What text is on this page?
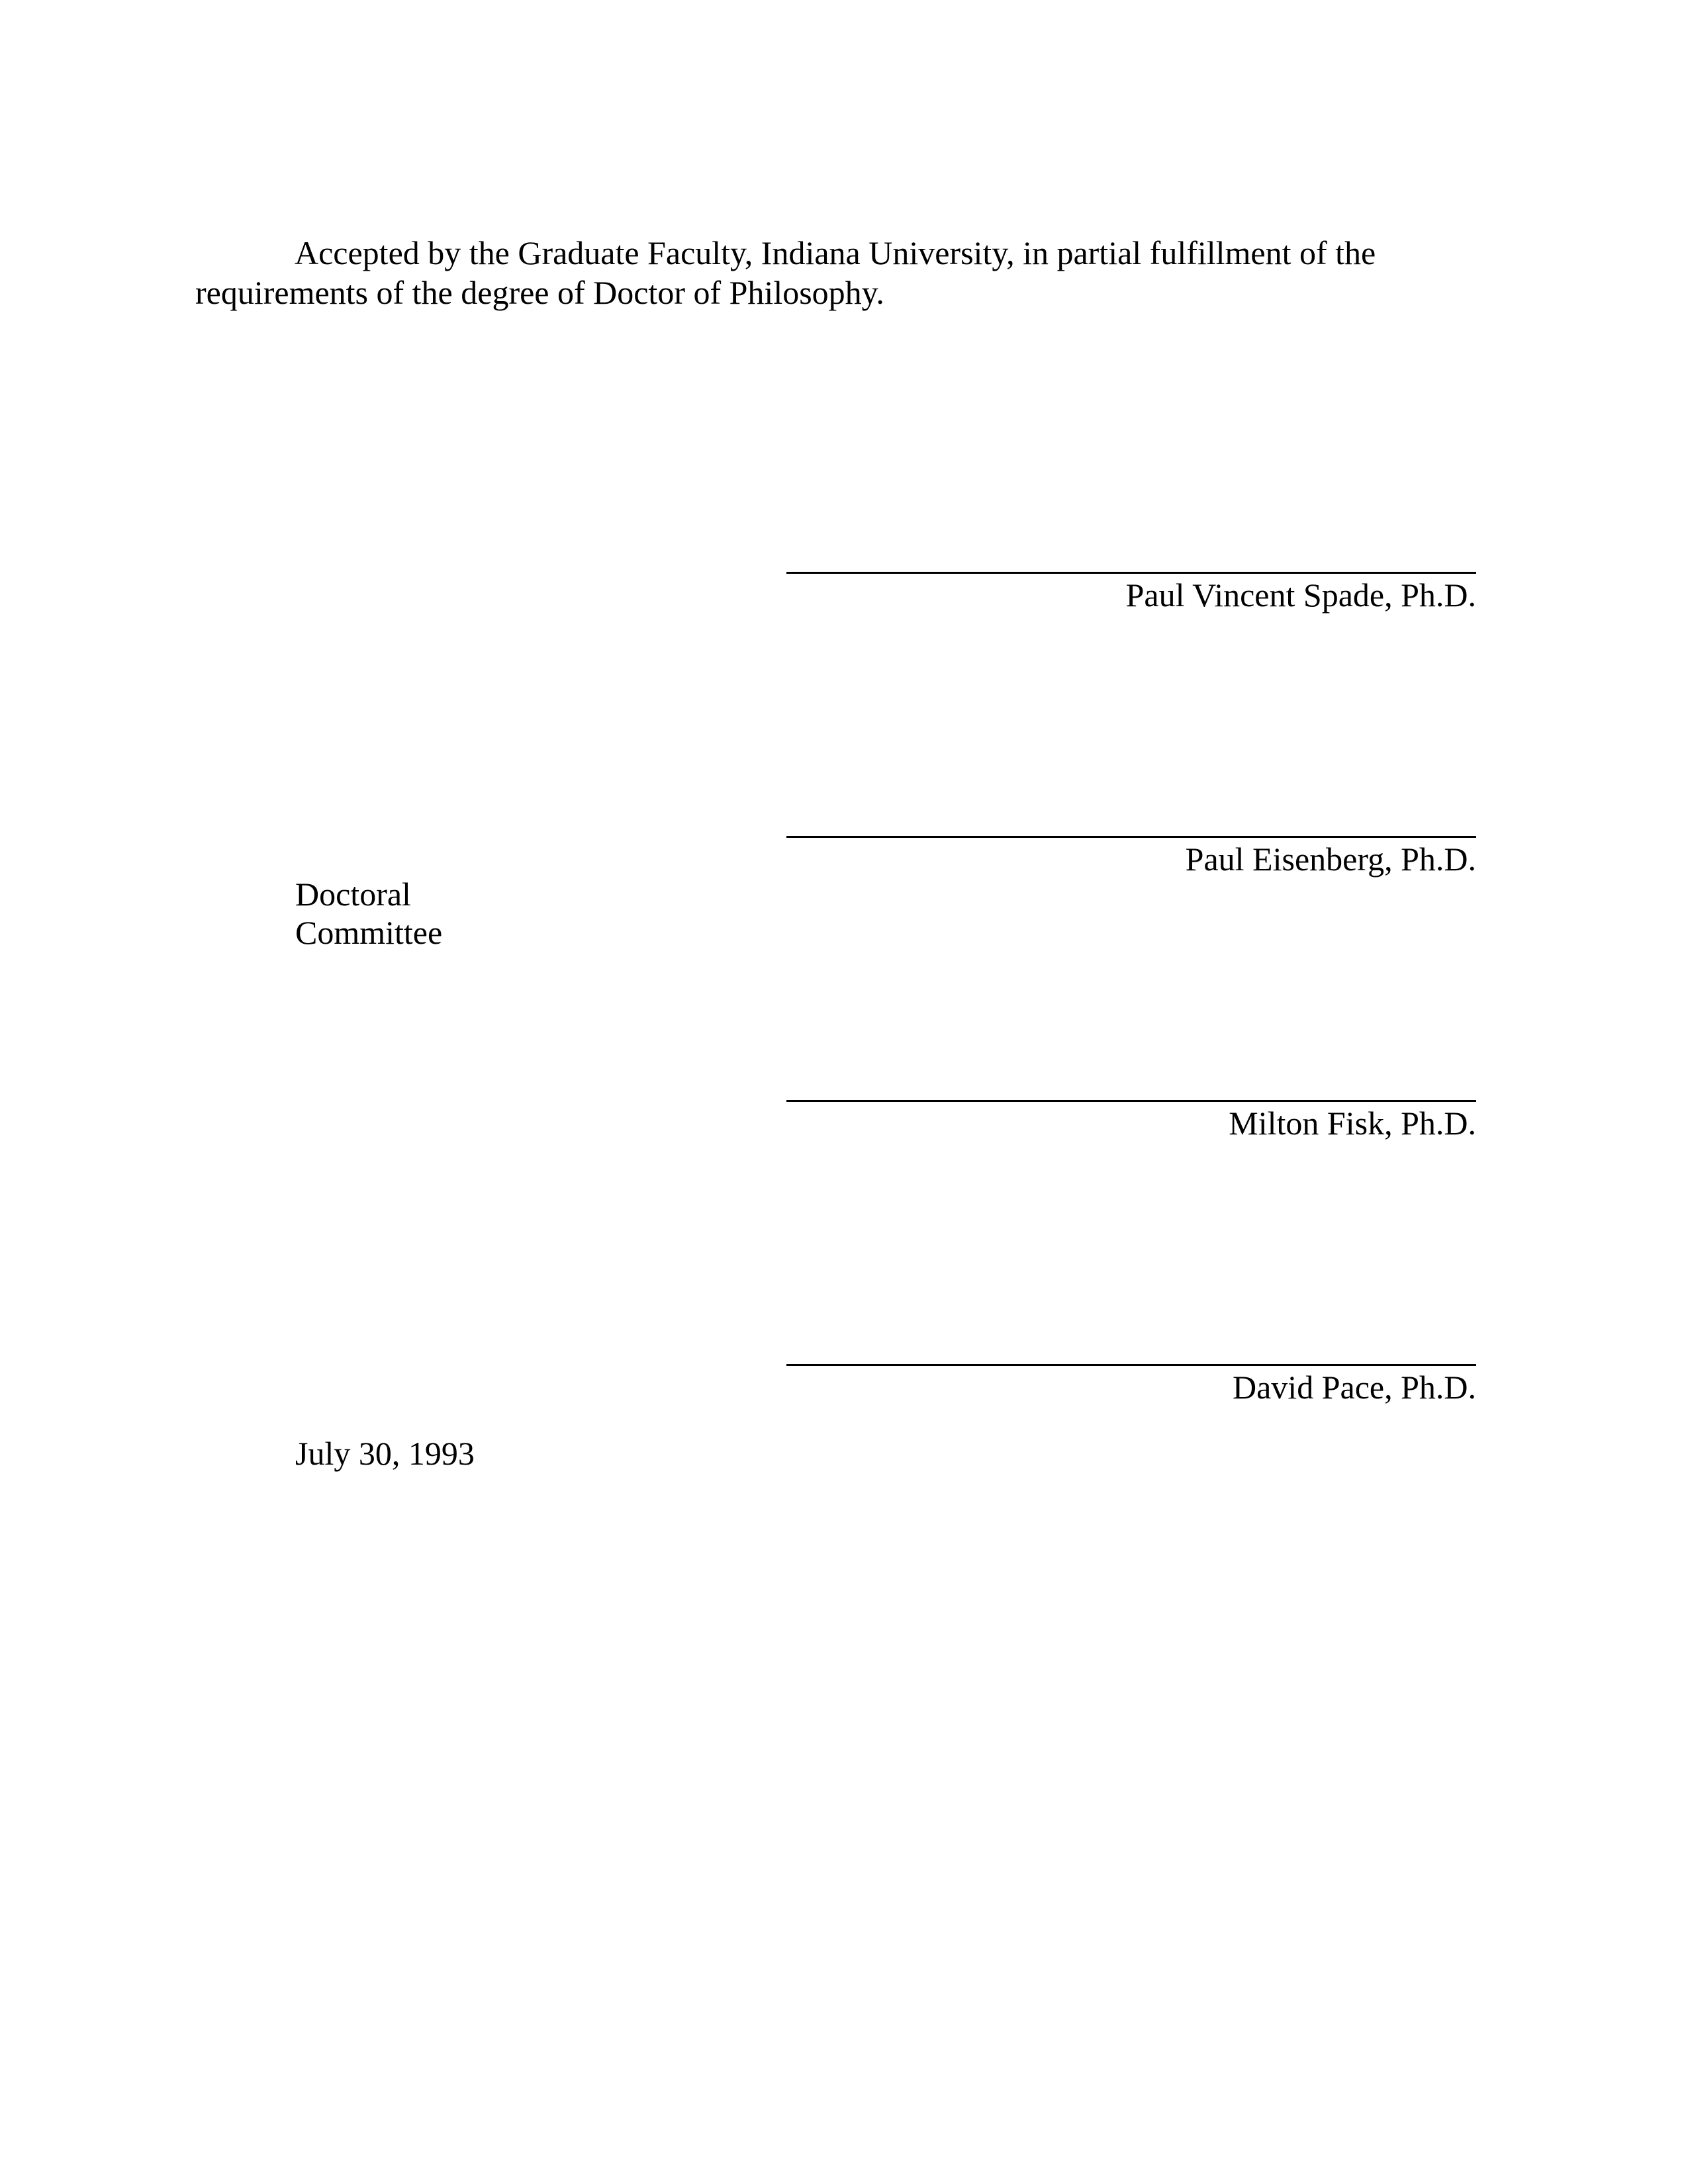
Accepted by the Graduate Faculty, Indiana University, in partial fulfillment of the requirements of the degree of Doctor of Philosophy.

Paul Vincent Spade, Ph.D.
Paul Eisenberg, Ph.D.
Doctoral
Committee
Milton Fisk, Ph.D.
David Pace, Ph.D.
July 30, 1993
